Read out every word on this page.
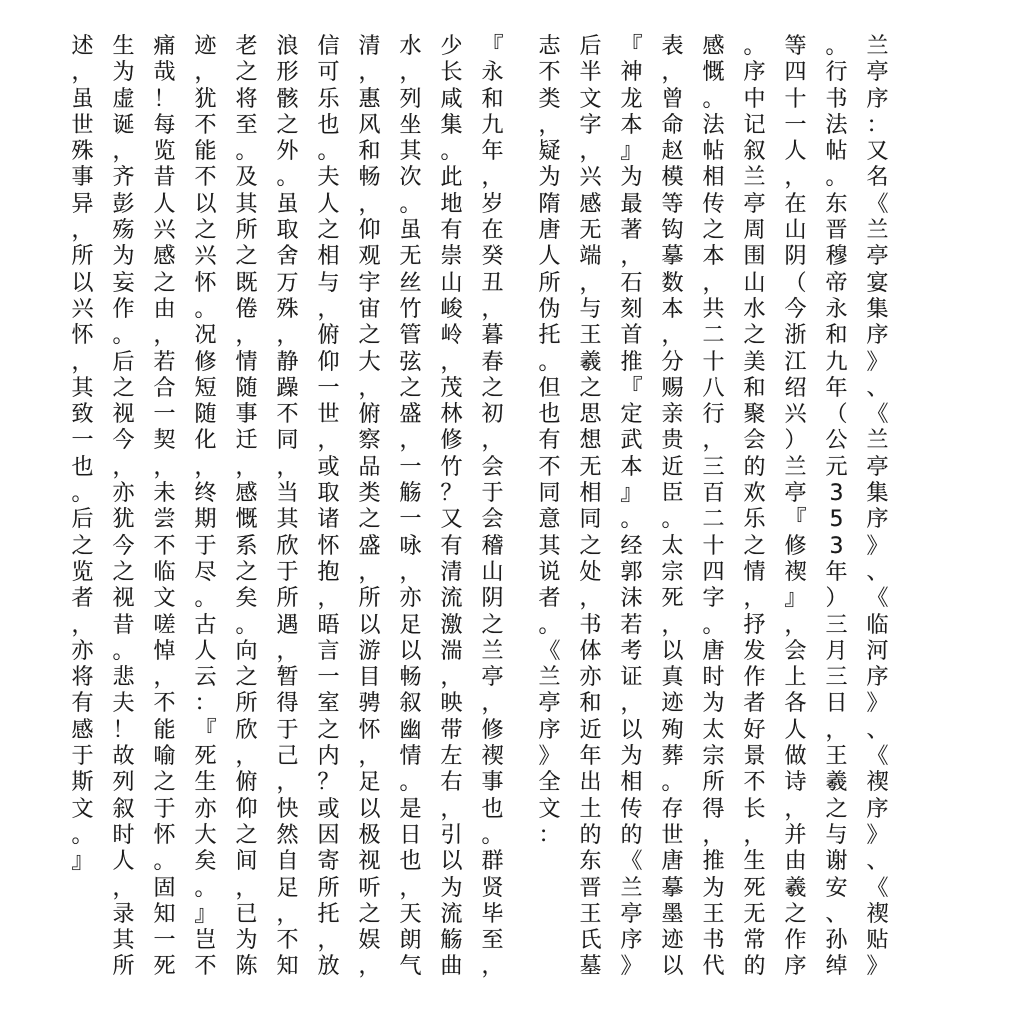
兰
亭
序
：
又
名
《
兰
亭
宴
集
序
》
、
《
兰
亭
集
序
》
、
《
临
河
序
》
、
《
禊
序
》
、
《
禊
贴
》
。
行
书
法
帖
。
东
晋
穆
帝
永
和
九
年
（
公
元
3
5
3
年
）
三
月
三
日
，
王
羲
之
与
谢
安
、
孙
绰
等
四
十
一
人
，
在
山
阴
（
今
浙
江
绍
兴
）
兰
亭
『
修
禊
』
，
会
上
各
人
做
诗
，
并
由
羲
之
作
序
。
序
中
记
叙
兰
亭
周
围
山
水
之
美
和
聚
会
的
欢
乐
之
情
，
抒
发
作
者
好
景
不
长
，
生
死
无
常
的
感
慨
。
法
帖
相
传
之
本
，
共
二
十
八
行
，
三
百
二
十
四
字
。
唐
时
为
太
宗
所
得
，
推
为
王
书
代
表
，
曾
命
赵
模
等
钩
摹
数
本
，
分
赐
亲
贵
近
臣
。
太
宗
死
，
以
真
迹
殉
葬
。
存
世
唐
摹
墨
迹
以
『
神
龙
本
』
为
最
著
，
石
刻
首
推
『
定
武
本
』
。
经
郭
沫
若
考
证
，
以
为
相
传
的
《
兰
亭
序
》
后
半
文
字
，
兴
感
无
端
，
与
王
羲
之
思
想
无
相
同
之
处
，
书
体
亦
和
近
年
出
土
的
东
晋
王
氏
墓
志
不
类
，
疑
为
隋
唐
人
所
伪
托
。
但
也
有
不
同
意
其
说
者
。
《
兰
亭
序
》
全
文
：
『
永
和
九
年
，
岁
在
癸
丑
，
暮
春
之
初
，
会
于
会
稽
山
阴
之
兰
亭
，
修
禊
事
也
。
群
贤
毕
至
，
少
长
咸
集
。
此
地
有
崇
山
峻
岭
，
茂
林
修
竹
？
又
有
清
流
激
湍
，
映
带
左
右
，
引
以
为
流
觞
曲
水
，
列
坐
其
次
。
虽
无
丝
竹
管
弦
之
盛
，
一
觞
一
咏
，
亦
足
以
畅
叙
幽
情
。
是
日
也
，
天
朗
气
清
，
惠
风
和
畅
，
仰
观
宇
宙
之
大
，
俯
察
品
类
之
盛
，
所
以
游
目
骋
怀
，
足
以
极
视
听
之
娱
，
信
可
乐
也
。
夫
人
之
相
与
，
俯
仰
一
世
，
或
取
诸
怀
抱
，
晤
言
一
室
之
内
？
或
因
寄
所
托
，
放
浪
形
骸
之
外
。
虽
取
舍
万
殊
，
静
躁
不
同
，
当
其
欣
于
所
遇
，
暂
得
于
己
，
快
然
自
足
，
不
知
老
之
将
至
。
及
其
所
之
既
倦
，
情
随
事
迁
，
感
慨
系
之
矣
。
向
之
所
欣
，
俯
仰
之
间
，
已
为
陈
迹
，
犹
不
能
不
以
之
兴
怀
。
况
修
短
随
化
，
终
期
于
尽
。
古
人
云
：
『
死
生
亦
大
矣
。
』
岂
不
痛
哉
！
每
览
昔
人
兴
感
之
由
，
若
合
一
契
，
未
尝
不
临
文
嗟
悼
，
不
能
喻
之
于
怀
。
固
知
一
死
生
为
虚
诞
，
齐
彭
殇
为
妄
作
。
后
之
视
今
，
亦
犹
今
之
视
昔
。
悲
夫
！
故
列
叙
时
人
，
录
其
所
述
，
虽
世
殊
事
异
，
所
以
兴
怀
，
其
致
一
也
。
后
之
览
者
，
亦
将
有
感
于
斯
文
。
』
